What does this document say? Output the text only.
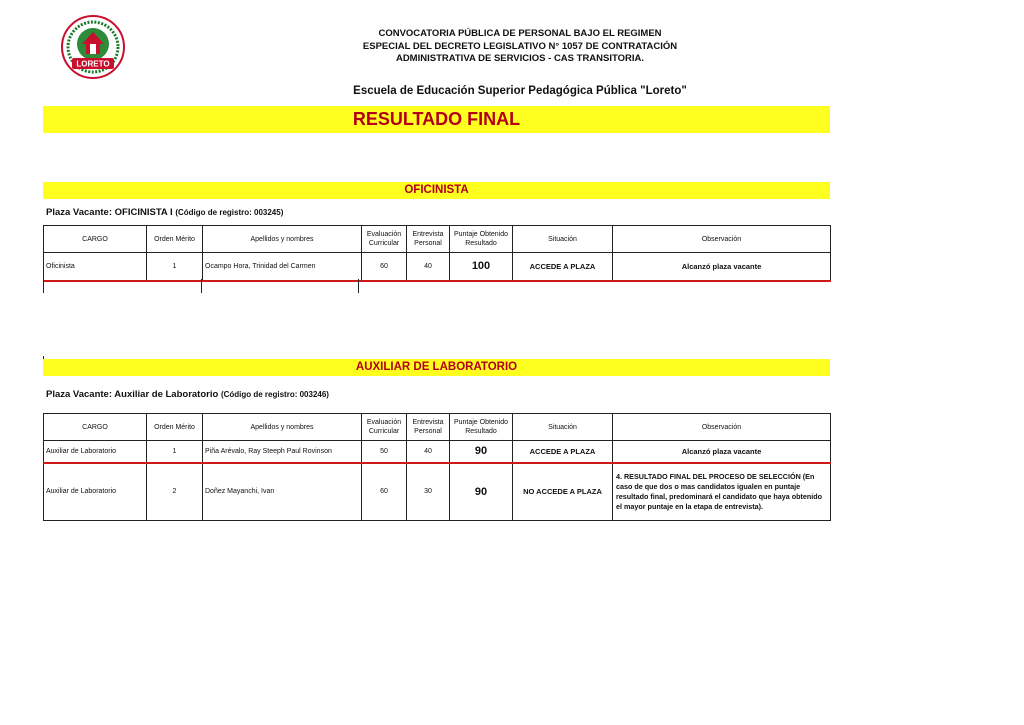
LORETO
CONVOCATORIA PÚBLICA DE PERSONAL BAJO EL REGIMEN
ESPECIAL DEL DECRETO LEGISLATIVO N° 1057 DE CONTRATACIÓN
ADMINISTRATIVA DE SERVICIOS - CAS TRANSITORIA.
Escuela de Educación Superior Pedagógica Pública "Loreto"
RESULTADO FINAL
OFICINISTA
Plaza Vacante: OFICINISTA I (Código de registro: 003245)
CARGO	Orden Mérito	Apellidos y nombres	Evaluación Curricular	Entrevista Personal	Puntaje Obtenido Resultado	Situación	Observación
Oficinista	1	Ocampo Hora, Trinidad del Carmen	60	40	100	ACCEDE A PLAZA	Alcanzó plaza vacante
AUXILIAR DE LABORATORIO
Plaza Vacante: Auxiliar de Laboratorio (Código de registro: 003246)
CARGO	Orden Mérito	Apellidos y nombres	Evaluación Curricular	Entrevista Personal	Puntaje Obtenido Resultado	Situación	Observación
Auxiliar de Laboratorio	1	Piña Arévalo, Ray Steeph Paul Rovinson	50	40	90	ACCEDE A PLAZA	Alcanzó plaza vacante
Auxiliar de Laboratorio	2	Doñez Mayanchi, Ivan	60	30	90	NO ACCEDE A PLAZA	4. RESULTADO FINAL DEL PROCESO DE SELECCIÓN (En caso de que dos o mas candidatos igualen en puntaje resultado final, predominará el candidato que haya obtenido el mayor puntaje en la etapa de entrevista).
